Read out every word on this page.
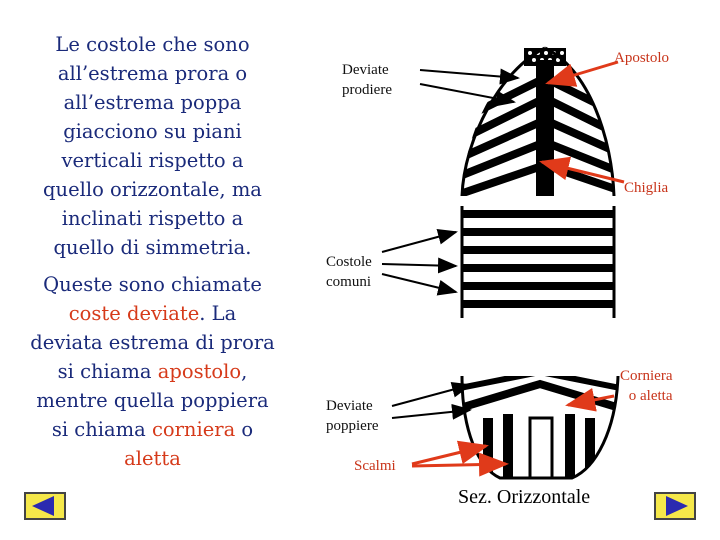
Le costole che sono all’estrema prora o all’estrema poppa giacciono su piani verticali rispetto a quello orizzontale, ma inclinati rispetto a quello di simmetria.
Queste sono chiamate coste deviate. La deviata estrema di prora si chiama apostolo, mentre quella poppiera si chiama corniera o aletta
Deviate
prodiere
Apostolo
Chiglia
Costole
comuni
Corniera
o aletta
Deviate
poppiere
Scalmi
Sez. Orizzontale
